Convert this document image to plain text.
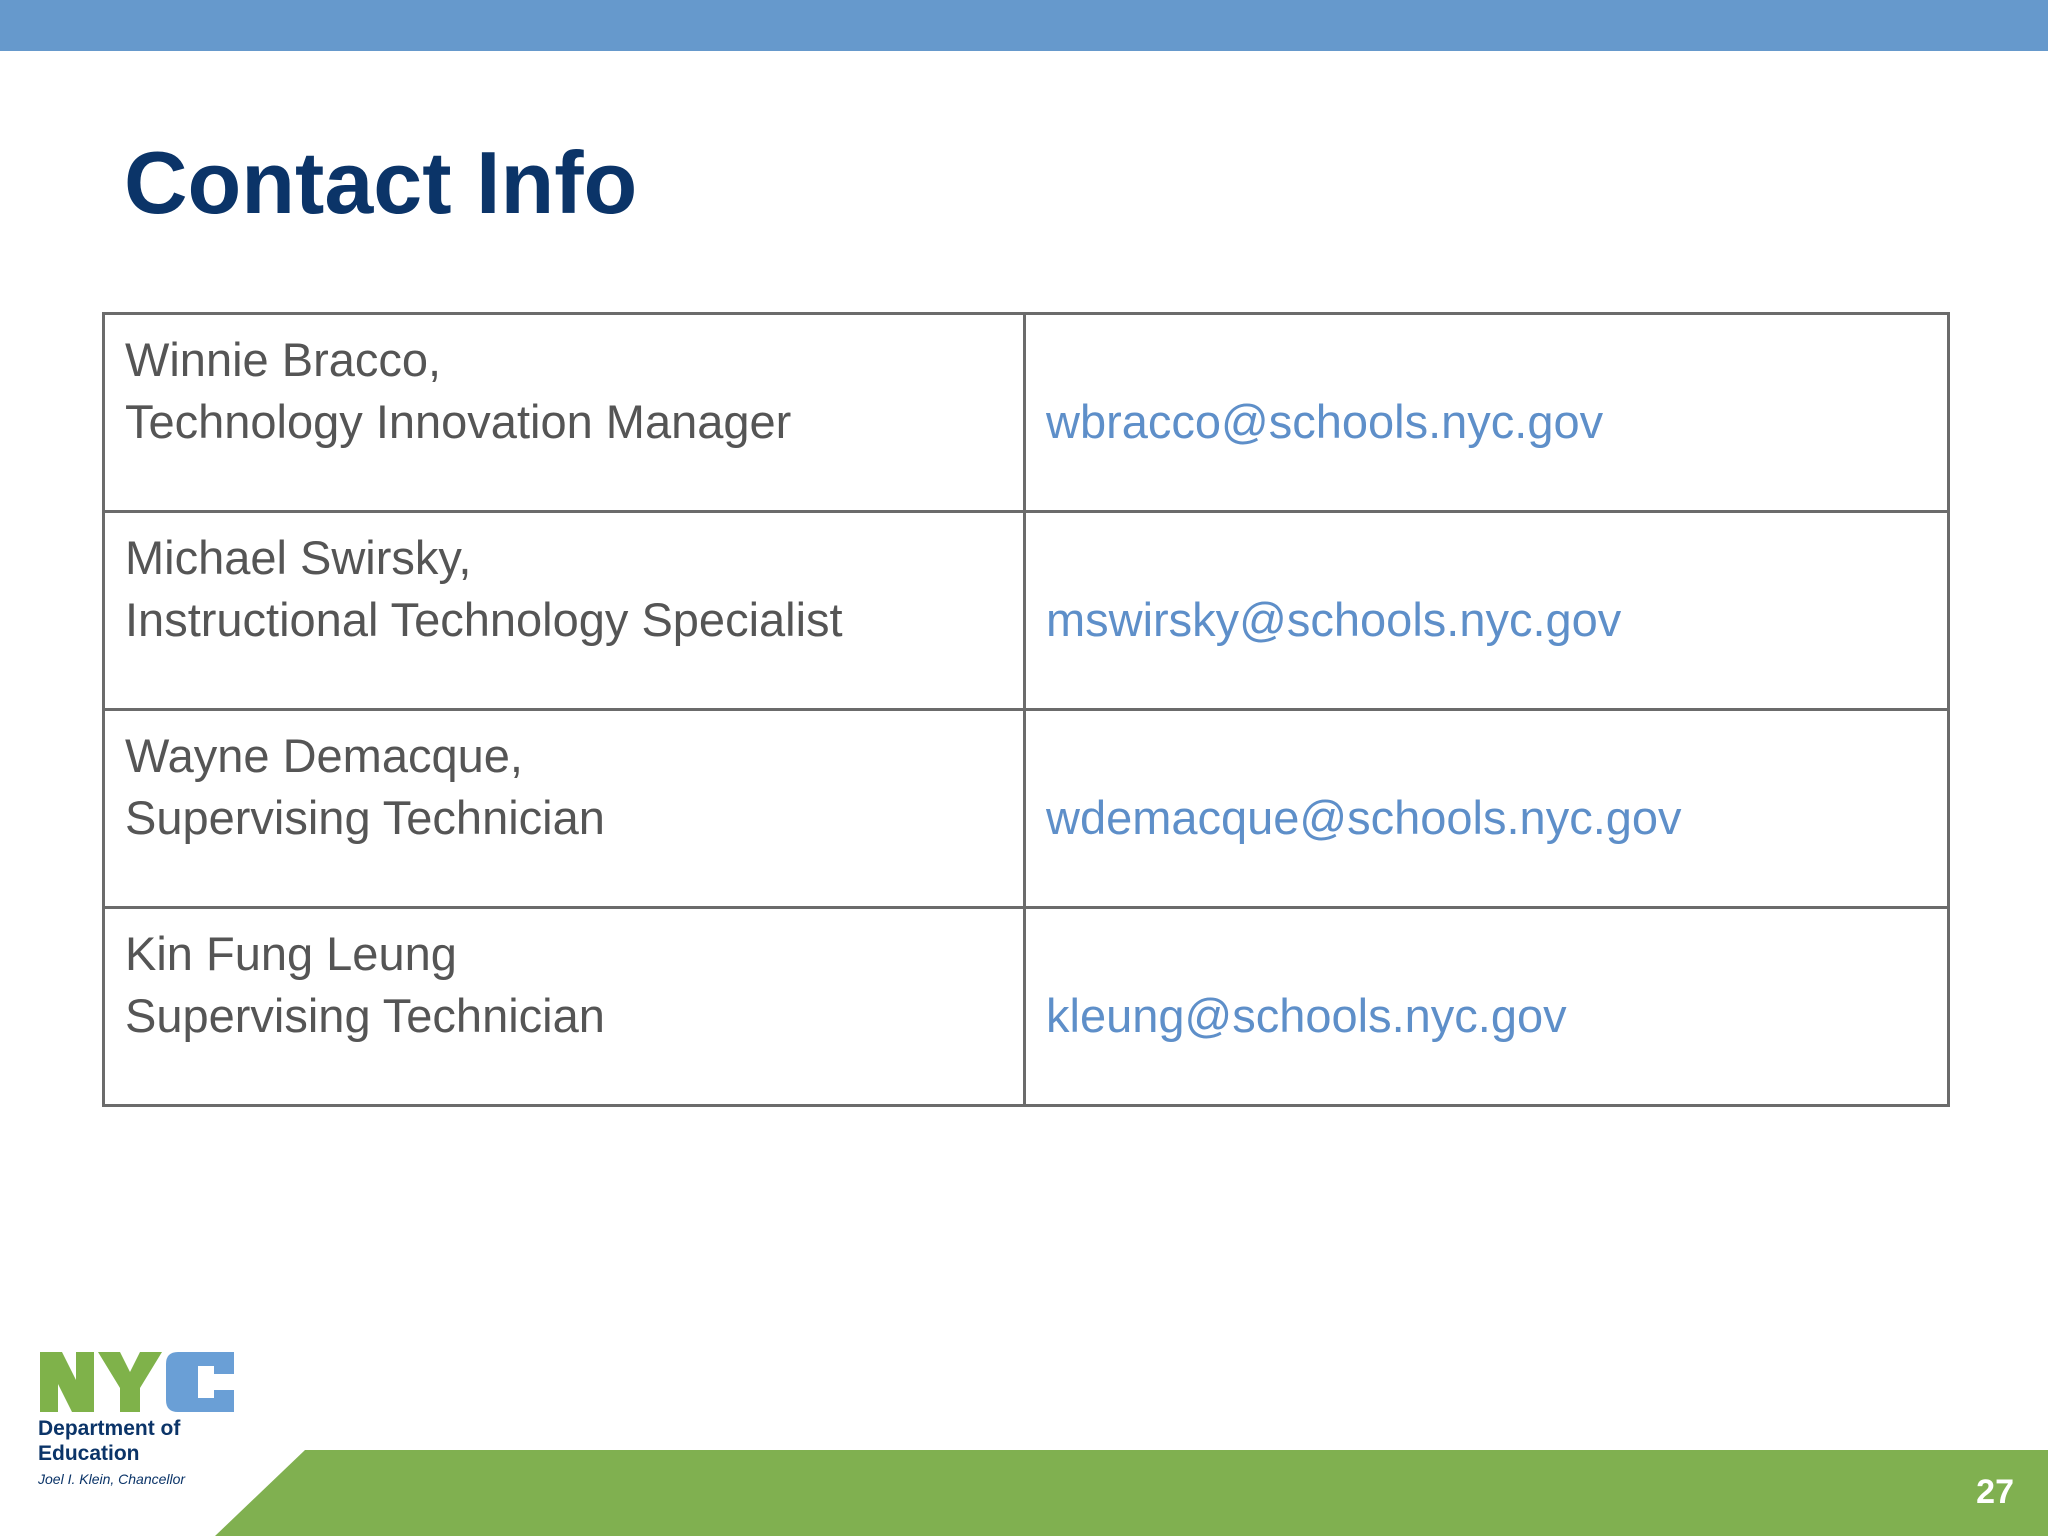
Contact Info
Winnie Bracco,
Technology Innovation Manager	wbracco@schools.nyc.gov

Michael Swirsky,
Instructional Technology Specialist	mswirsky@schools.nyc.gov

Wayne Demacque,
Supervising Technician	wdemacque@schools.nyc.gov

Kin Fung Leung
Supervising Technician	kleung@schools.nyc.gov
27
Department of
Education
Joel I. Klein, Chancellor
